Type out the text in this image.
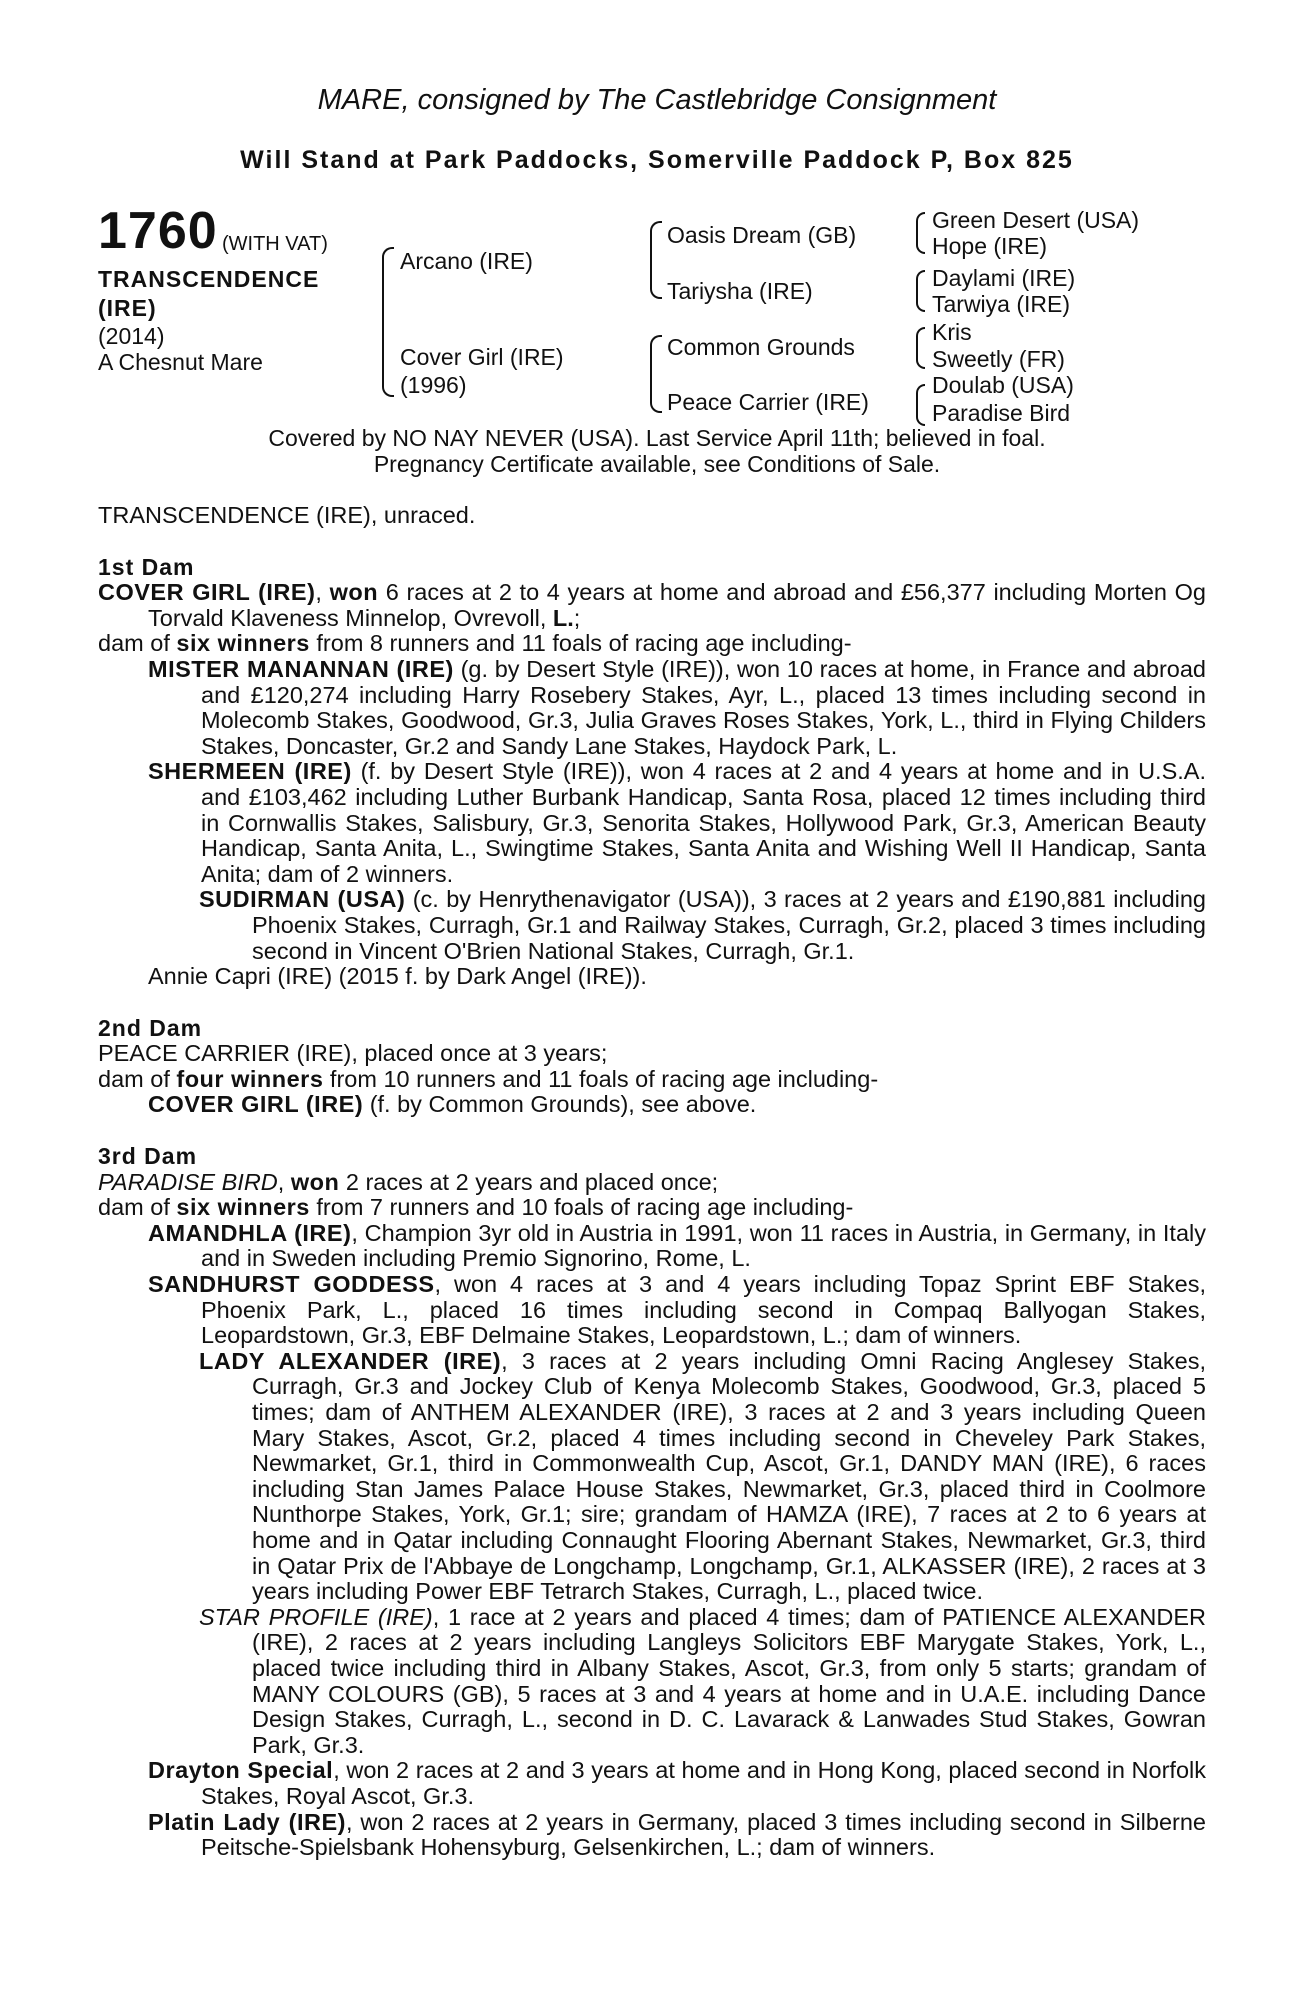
MARE, consigned by The Castlebridge Consignment
Will Stand at Park Paddocks, Somerville Paddock P, Box 825
1760 (WITH VAT)
TRANSCENDENCE
(IRE)
(2014)
A Chesnut Mare
Arcano (IRE)
Cover Girl (IRE)
(1996)
Oasis Dream (GB)
Tariysha (IRE)
Common Grounds
Peace Carrier (IRE)
Green Desert (USA)
Hope (IRE)
Daylami (IRE)
Tarwiya (IRE)
Kris
Sweetly (FR)
Doulab (USA)
Paradise Bird
Covered by NO NAY NEVER (USA). Last Service April 11th; believed in foal.
Pregnancy Certificate available, see Conditions of Sale.

TRANSCENDENCE (IRE), unraced.

1st Dam

COVER GIRL (IRE), won 6 races at 2 to 4 years at home and abroad and £56,377 including Morten Og Torvald Klaveness Minnelop, Ovrevoll, L.;

dam of six winners from 8 runners and 11 foals of racing age including-

MISTER MANANNAN (IRE) (g. by Desert Style (IRE)), won 10 races at home, in France and abroad and £120,274 including Harry Rosebery Stakes, Ayr, L., placed 13 times including second in Molecomb Stakes, Goodwood, Gr.3, Julia Graves Roses Stakes, York, L., third in Flying Childers Stakes, Doncaster, Gr.2 and Sandy Lane Stakes, Haydock Park, L.

SHERMEEN (IRE) (f. by Desert Style (IRE)), won 4 races at 2 and 4 years at home and in U.S.A. and £103,462 including Luther Burbank Handicap, Santa Rosa, placed 12 times including third in Cornwallis Stakes, Salisbury, Gr.3, Senorita Stakes, Hollywood Park, Gr.3, American Beauty Handicap, Santa Anita, L., Swingtime Stakes, Santa Anita and Wishing Well II Handicap, Santa Anita; dam of 2 winners.

SUDIRMAN (USA) (c. by Henrythenavigator (USA)), 3 races at 2 years and £190,881 including Phoenix Stakes, Curragh, Gr.1 and Railway Stakes, Curragh, Gr.2, placed 3 times including second in Vincent O'Brien National Stakes, Curragh, Gr.1.

Annie Capri (IRE) (2015 f. by Dark Angel (IRE)).

2nd Dam

PEACE CARRIER (IRE), placed once at 3 years;

dam of four winners from 10 runners and 11 foals of racing age including-

COVER GIRL (IRE) (f. by Common Grounds), see above.

3rd Dam

PARADISE BIRD, won 2 races at 2 years and placed once;

dam of six winners from 7 runners and 10 foals of racing age including-

AMANDHLA (IRE), Champion 3yr old in Austria in 1991, won 11 races in Austria, in Germany, in Italy and in Sweden including Premio Signorino, Rome, L.

SANDHURST GODDESS, won 4 races at 3 and 4 years including Topaz Sprint EBF Stakes, Phoenix Park, L., placed 16 times including second in Compaq Ballyogan Stakes, Leopardstown, Gr.3, EBF Delmaine Stakes, Leopardstown, L.; dam of winners.

LADY ALEXANDER (IRE), 3 races at 2 years including Omni Racing Anglesey Stakes, Curragh, Gr.3 and Jockey Club of Kenya Molecomb Stakes, Goodwood, Gr.3, placed 5 times; dam of ANTHEM ALEXANDER (IRE), 3 races at 2 and 3 years including Queen Mary Stakes, Ascot, Gr.2, placed 4 times including second in Cheveley Park Stakes, Newmarket, Gr.1, third in Commonwealth Cup, Ascot, Gr.1, DANDY MAN (IRE), 6 races including Stan James Palace House Stakes, Newmarket, Gr.3, placed third in Coolmore Nunthorpe Stakes, York, Gr.1; sire; grandam of HAMZA (IRE), 7 races at 2 to 6 years at home and in Qatar including Connaught Flooring Abernant Stakes, Newmarket, Gr.3, third in Qatar Prix de l'Abbaye de Longchamp, Longchamp, Gr.1, ALKASSER (IRE), 2 races at 3 years including Power EBF Tetrarch Stakes, Curragh, L., placed twice.

STAR PROFILE (IRE), 1 race at 2 years and placed 4 times; dam of PATIENCE ALEXANDER (IRE), 2 races at 2 years including Langleys Solicitors EBF Marygate Stakes, York, L., placed twice including third in Albany Stakes, Ascot, Gr.3, from only 5 starts; grandam of MANY COLOURS (GB), 5 races at 3 and 4 years at home and in U.A.E. including Dance Design Stakes, Curragh, L., second in D. C. Lavarack & Lanwades Stud Stakes, Gowran Park, Gr.3.

Drayton Special, won 2 races at 2 and 3 years at home and in Hong Kong, placed second in Norfolk Stakes, Royal Ascot, Gr.3.

Platin Lady (IRE), won 2 races at 2 years in Germany, placed 3 times including second in Silberne Peitsche-Spielsbank Hohensyburg, Gelsenkirchen, L.; dam of winners.
